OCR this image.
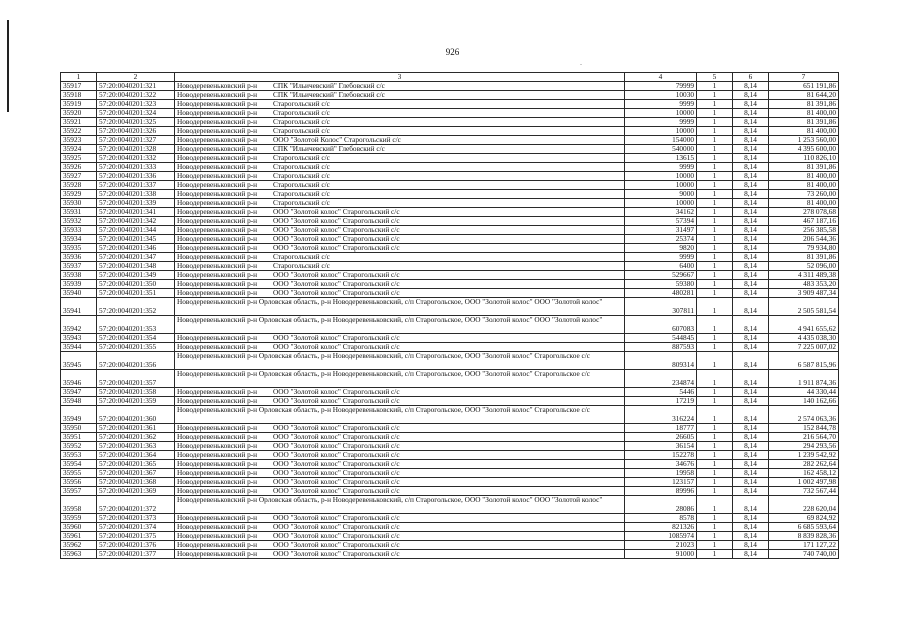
926
-
1	2	3	4	5	6	7
35917	57:20:0040201:321	Новодеревеньковский р-н СПК "Ильичевский" Глебовский с/с	79999	1	8,14	651 191,86
35918	57:20:0040201:322	Новодеревеньковский р-н СПК "Ильичевский" Глебовский с/с	10030	1	8,14	81 644,20
35919	57:20:0040201:323	Новодеревеньковский р-н Старогольский с/с	9999	1	8,14	81 391,86
35920	57:20:0040201:324	Новодеревеньковский р-н Старогольский с/с	10000	1	8,14	81 400,00
35921	57:20:0040201:325	Новодеревеньковский р-н Старогольский с/с	9999	1	8,14	81 391,86
35922	57:20:0040201:326	Новодеревеньковский р-н Старогольский с/с	10000	1	8,14	81 400,00
35923	57:20:0040201:327	Новодеревеньковский р-н ООО "Золотой Колос" Старогольский с/с	154000	1	8,14	1 253 560,00
35924	57:20:0040201:328	Новодеревеньковский р-н СПК "Ильичевский" Глебовский с/с	540000	1	8,14	4 395 600,00
35925	57:20:0040201:332	Новодеревеньковский р-н Старогольский с/с	13615	1	8,14	110 826,10
35926	57:20:0040201:333	Новодеревеньковский р-н Старогольский с/с	9999	1	8,14	81 391,86
35927	57:20:0040201:336	Новодеревеньковский р-н Старогольский с/с	10000	1	8,14	81 400,00
35928	57:20:0040201:337	Новодеревеньковский р-н Старогольский с/с	10000	1	8,14	81 400,00
35929	57:20:0040201:338	Новодеревеньковский р-н Старогольский с/с	9000	1	8,14	73 260,00
35930	57:20:0040201:339	Новодеревеньковский р-н Старогольский с/с	10000	1	8,14	81 400,00
35931	57:20:0040201:341	Новодеревеньковский р-н ООО "Золотой колос" Старогольский с/с	34162	1	8,14	278 078,68
35932	57:20:0040201:342	Новодеревеньковский р-н ООО "Золотой колос" Старогольский с/с	57394	1	8,14	467 187,16
35933	57:20:0040201:344	Новодеревеньковский р-н ООО "Золотой колос" Старогольский с/с	31497	1	8,14	256 385,58
35934	57:20:0040201:345	Новодеревеньковский р-н ООО "Золотой колос" Старогольский с/с	25374	1	8,14	206 544,36
35935	57:20:0040201:346	Новодеревеньковский р-н ООО "Золотой колос" Старогольский с/с	9820	1	8,14	79 934,80
35936	57:20:0040201:347	Новодеревеньковский р-н Старогольский с/с	9999	1	8,14	81 391,86
35937	57:20:0040201:348	Новодеревеньковский р-н Старогольский с/с	6400	1	8,14	52 096,00
35938	57:20:0040201:349	Новодеревеньковский р-н ООО "Золотой колос" Старогольский с/с	529667	1	8,14	4 311 489,38
35939	57:20:0040201:350	Новодеревеньковский р-н ООО "Золотой колос" Старогольский с/с	59380	1	8,14	483 353,20
35940	57:20:0040201:351	Новодеревеньковский р-н ООО "Золотой колос" Старогольский с/с	480281	1	8,14	3 909 487,34
35941	57:20:0040201:352	Новодеревеньковский р-н Орловская область, р-н Новодеревеньковский, с/п Старогольское, ООО "Золотой колос" ООО "Золотой колос"	307811	1	8,14	2 505 581,54
35942	57:20:0040201:353	Новодеревеньковский р-н Орловская область, р-н Новодеревеньковский, с/п Старогольское, ООО "Золотой колос" ООО "Золотой колос"	607083	1	8,14	4 941 655,62
35943	57:20:0040201:354	Новодеревеньковский р-н ООО "Золотой колос" Старогольский с/с	544845	1	8,14	4 435 038,30
35944	57:20:0040201:355	Новодеревеньковский р-н ООО "Золотой колос" Старогольский с/с	887593	1	8,14	7 225 007,02
35945	57:20:0040201:356	Новодеревеньковский р-н Орловская область, р-н Новодеревеньковский, с/п Старогольское, ООО "Золотой колос" Старогольское с/с	809314	1	8,14	6 587 815,96
35946	57:20:0040201:357	Новодеревеньковский р-н Орловская область, р-н Новодеревеньковский, с/п Старогольское, ООО "Золотой колос" Старогольское с/с	234874	1	8,14	1 911 874,36
35947	57:20:0040201:358	Новодеревеньковский р-н ООО "Золотой колос" Старогольский с/с	5446	1	8,14	44 330,44
35948	57:20:0040201:359	Новодеревеньковский р-н ООО "Золотой колос" Старогольский с/с	17219	1	8,14	140 162,66
35949	57:20:0040201:360	Новодеревеньковский р-н Орловская область, р-н Новодеревеньковский, с/п Старогольское, ООО "Золотой колос" Старогольское с/с	316224	1	8,14	2 574 063,36
35950	57:20:0040201:361	Новодеревеньковский р-н ООО "Золотой колос" Старогольский с/с	18777	1	8,14	152 844,78
35951	57:20:0040201:362	Новодеревеньковский р-н ООО "Золотой колос" Старогольский с/с	26605	1	8,14	216 564,70
35952	57:20:0040201:363	Новодеревеньковский р-н ООО "Золотой колос" Старогольский с/с	36154	1	8,14	294 293,56
35953	57:20:0040201:364	Новодеревеньковский р-н ООО "Золотой колос" Старогольский с/с	152278	1	8,14	1 239 542,92
35954	57:20:0040201:365	Новодеревеньковский р-н ООО "Золотой колос" Старогольский с/с	34676	1	8,14	282 262,64
35955	57:20:0040201:367	Новодеревеньковский р-н ООО "Золотой колос" Старогольский с/с	19958	1	8,14	162 458,12
35956	57:20:0040201:368	Новодеревеньковский р-н ООО "Золотой колос" Старогольский с/с	123157	1	8,14	1 002 497,98
35957	57:20:0040201:369	Новодеревеньковский р-н ООО "Золотой колос" Старогольский с/с	89996	1	8,14	732 567,44
35958	57:20:0040201:372	Новодеревеньковский р-н Орловская область, р-н Новодеревеньковский, с/п Старогольское, ООО "Золотой колос" ООО "Золотой колос"	28086	1	8,14	228 620,04
35959	57:20:0040201:373	Новодеревеньковский р-н ООО "Золотой колос" Старогольский с/с	8578	1	8,14	69 824,92
35960	57:20:0040201:374	Новодеревеньковский р-н ООО "Золотой колос" Старогольский с/с	821326	1	8,14	6 685 593,64
35961	57:20:0040201:375	Новодеревеньковский р-н ООО "Золотой колос" Старогольский с/с	1085974	1	8,14	8 839 828,36
35962	57:20:0040201:376	Новодеревеньковский р-н ООО "Золотой колос" Старогольский с/с	21023	1	8,14	171 127,22
35963	57:20:0040201:377	Новодеревеньковский р-н ООО "Золотой колос" Старогольский с/с	91000	1	8,14	740 740,00
